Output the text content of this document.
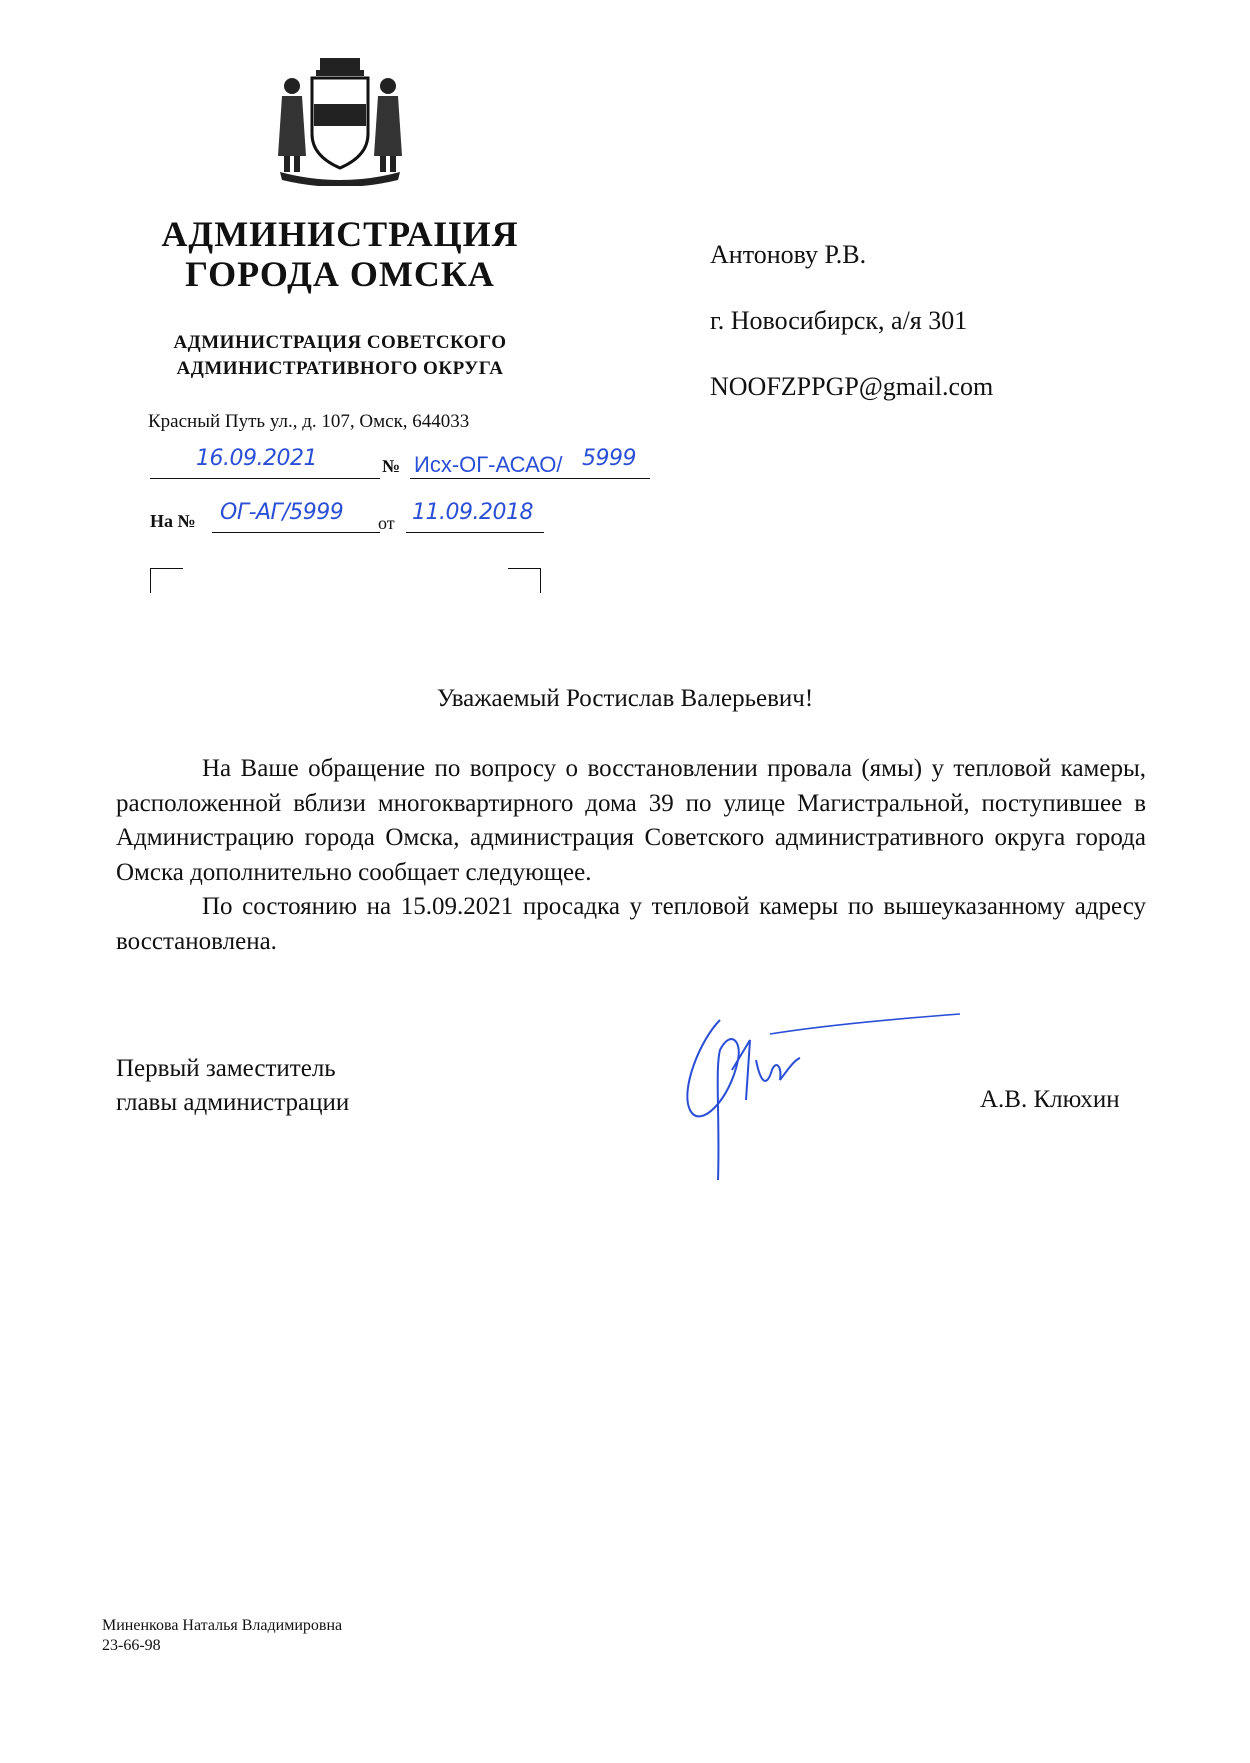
АДМИНИСТРАЦИЯ
ГОРОДА ОМСКА
АДМИНИСТРАЦИЯ СОВЕТСКОГО
АДМИНИСТРАТИВНОГО ОКРУГА
Красный Путь ул., д. 107, Омск, 644033
16.09.2021	№ Исх-ОГ-АСАО/ 5999
На № ОГ-АГ/5999 от 11.09.2018
Антонову Р.В.
г. Новосибирск, а/я 301
NOOFZPPGP@gmail.com
Уважаемый Ростислав Валерьевич!

На Ваше обращение по вопросу о восстановлении провала (ямы) у тепловой камеры, расположенной вблизи многоквартирного дома 39 по улице Магистральной, поступившее в Администрацию города Омска, администрация Советского административного округа города Омска дополнительно сообщает следующее.

По состоянию на 15.09.2021 просадка у тепловой камеры по вышеуказанному адресу восстановлена.

Первый заместитель
главы администрации	А.В. Клюхин
Миненкова Наталья Владимировна
23-66-98
